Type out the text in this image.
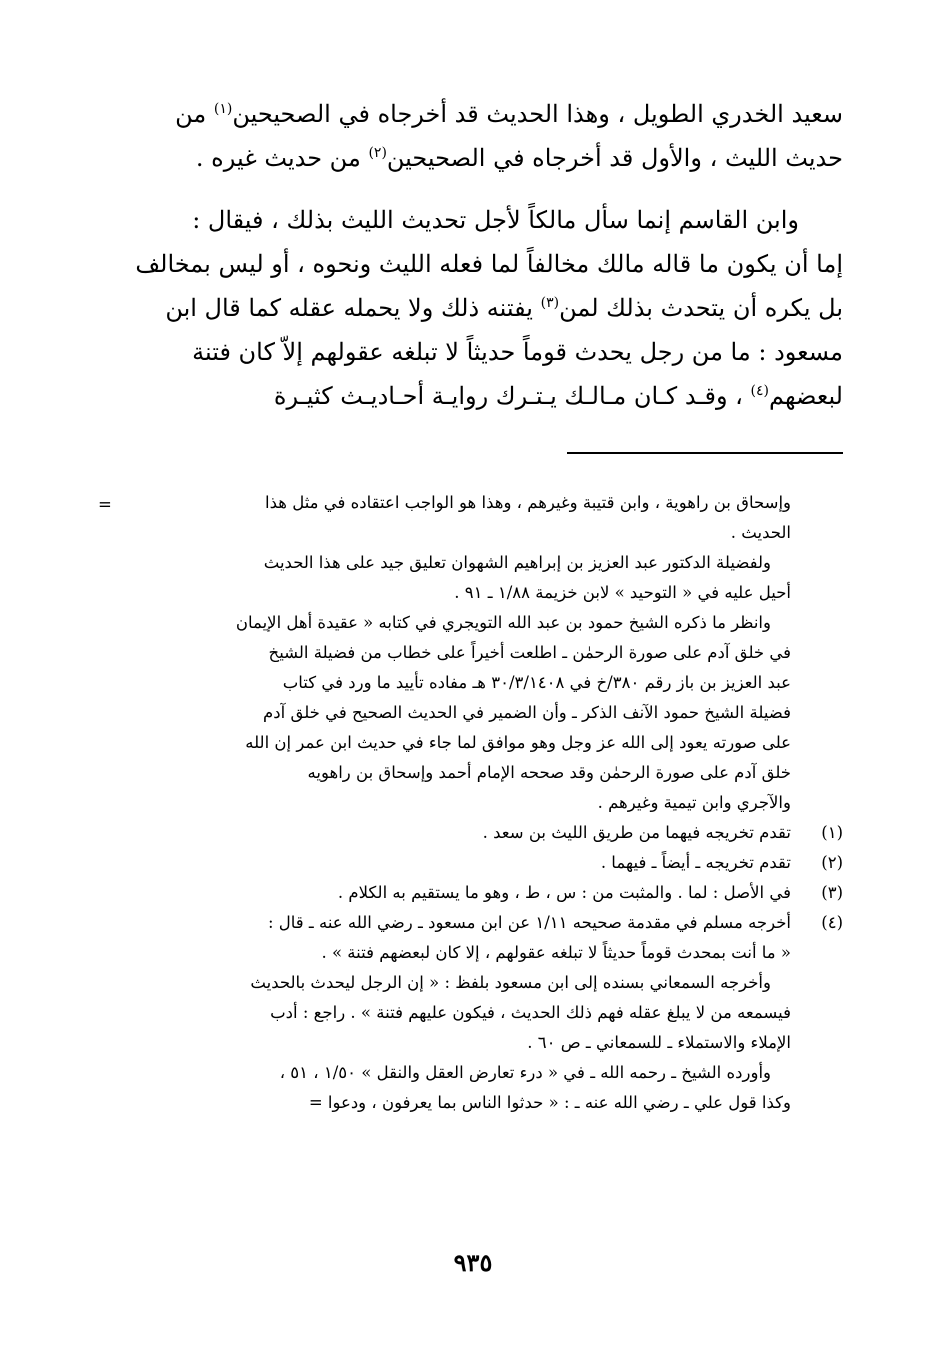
سعيد الخدري الطويل ، وهذا الحديث قد أخرجاه في الصحيحين$^{(١)}$ من

حديث الليث ، والأول قد أخرجاه في الصحيحين$^{(٢)}$ من حديث غيره .

وابن القاسم إنما سأل مالكاً لأجل تحديث الليث بذلك ، فيقال :

إما أن يكون ما قاله مالك مخالفاً لما فعله الليث ونحوه ، أو ليس بمخالف

بل يكره أن يتحدث بذلك لمن$^{(٣)}$ يفتنه ذلك ولا يحمله عقله كما قال ابن

مسعود : ما من رجل يحدث قوماً حديثاً لا تبلغه عقولهم إلاّ كان فتنة

لبعضهم$^{(٤)}$ ، وقـد كـان مـالـك يـتـرك روايـة أحـاديـث كثيـرة

=	وإسحاق بن راهوية ، وابن قتيبة وغيرهم ، وهذا هو الواجب اعتقاده في مثل هذا
الحديث .
ولفضيلة الدكتور عبد العزيز بن إبراهيم الشهوان تعليق جيد على هذا الحديث
أحيل عليه في « التوحيد » لابن خزيمة ١/٨٨ ـ ٩١ .
وانظر ما ذكره الشيخ حمود بن عبد الله التويجري في كتابه « عقيدة أهل الإيمان
في خلق آدم على صورة الرحمٰن ـ اطلعت أخيراً على خطاب من فضيلة الشيخ
عبد العزيز بن باز رقم ٣٨٠/خ في ٣٠/٣/١٤٠٨ هـ مفاده تأييد ما ورد في كتاب
فضيلة الشيخ حمود الآنف الذكر ـ وأن الضمير في الحديث الصحيح في خلق آدم
على صورته يعود إلى الله عز وجل وهو موافق لما جاء في حديث ابن عمر إن الله
خلق آدم على صورة الرحمٰن وقد صححه الإمام أحمد وإسحاق بن راهويه
والآجري وابن تيمية وغيرهم .
(١)
تقدم تخريجه فيهما من طريق الليث بن سعد .
(٢)
تقدم تخريجه ـ أيضاً ـ فيهما .
(٣)
في الأصل : لما . والمثبت من : س ، ط ، وهو ما يستقيم به الكلام .
(٤)
أخرجه مسلم في مقدمة صحيحه ١/١١ عن ابن مسعود ـ رضي الله عنه ـ قال :
« ما أنت بمحدث قوماً حديثاً لا تبلغه عقولهم ، إلا كان لبعضهم فتنة » .
وأخرجه السمعاني بسنده إلى ابن مسعود بلفظ : « إن الرجل ليحدث بالحديث
فيسمعه من لا يبلغ عقله فهم ذلك الحديث ، فيكون عليهم فتنة » . راجع : أدب
الإملاء والاستملاء ـ للسمعاني ـ ص ٦٠ .
وأورده الشيخ ـ رحمه الله ـ في « درء تعارض العقل والنقل » ١/٥٠ ، ٥١ ،
وكذا قول علي ـ رضي الله عنه ـ : « حدثوا الناس بما يعرفون ، ودعوا =
٩٣٥
